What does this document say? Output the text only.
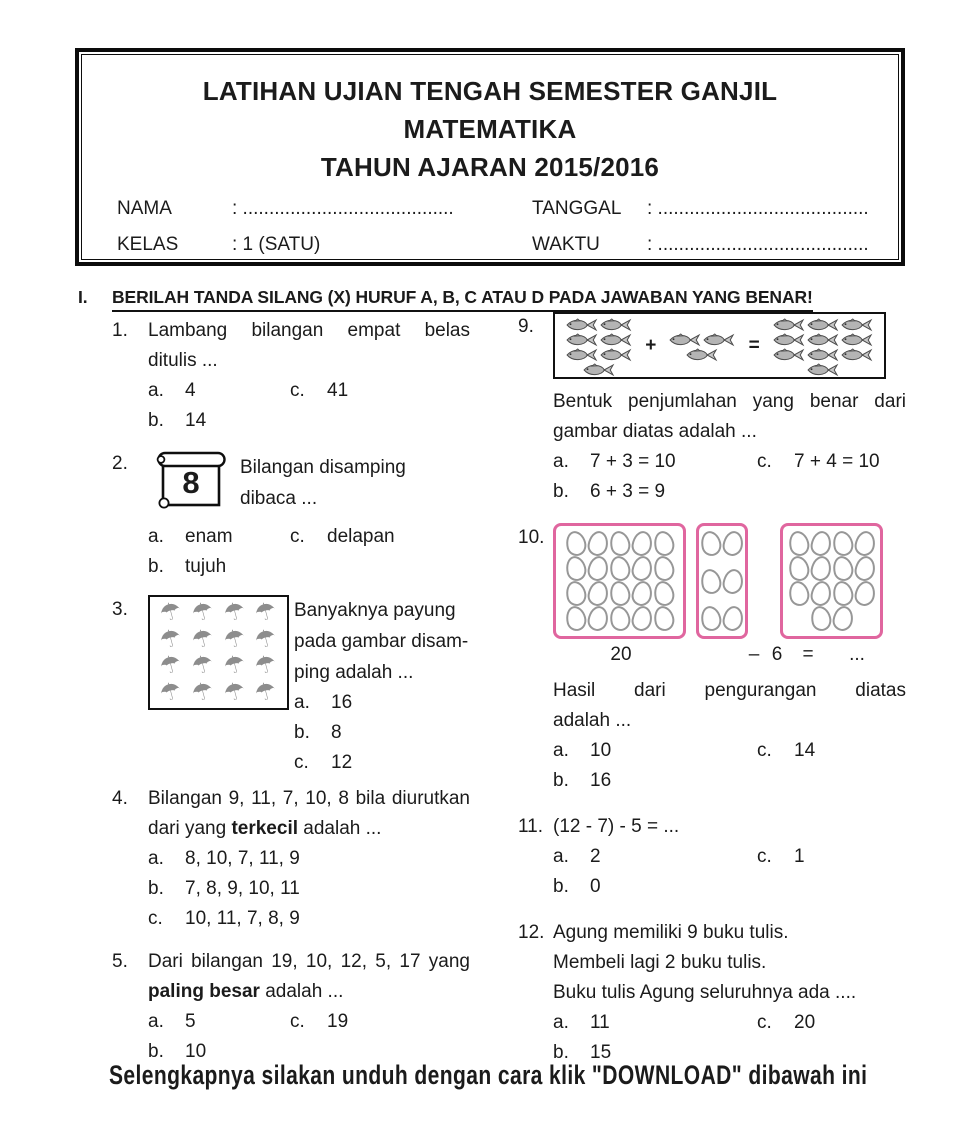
LATIHAN UJIAN TENGAH SEMESTER GANJIL
MATEMATIKA
TAHUN AJARAN 2015/2016
NAMA	: ........................................	TANGGAL : ........................................
KELAS	: 1 (SATU)	WAKTU : ........................................
I.	BERILAH TANDA SILANG (X) HURUF A, B, C ATAU D PADA JAWABAN YANG BENAR!
1.	Lambang bilangan empat belas
ditulis ...
a.	4	c.	41
b.	14
2.
8	Bilangan disamping
dibaca ...
a.	enam	c.	delapan
b.	tujuh
3.	☂ ☂ ☂ ☂
☂ ☂ ☂ ☂
☂ ☂ ☂ ☂
☂ ☂ ☂ ☂
Banyaknya payung
pada gambar disam-
ping adalah ...
a.	16
b.	8
c.	12
4.	Bilangan 9, 11, 7, 10, 8 bila diurutkan
dari yang terkecil adalah ...
a.	8, 10, 7, 11, 9
b.	7, 8, 9, 10, 11
c.	10, 11, 7, 8, 9
5.	Dari bilangan 19, 10, 12, 5, 17 yang
paling besar adalah ...
a.	5	c.	19
b.	10
9.
+	=
Bentuk penjumlahan yang benar dari
gambar diatas adalah ...
a.	7 + 3 = 10	c.	7 + 4 = 10
b.	6 + 3 = 9
10.
20	– 6 = ...
Hasil dari pengurangan diatas
adalah ...
a.	10	c.	14
b.	16
11. (12 - 7) - 5 = ...
a.	2	c.	1
b.	0
12. Agung memiliki 9 buku tulis.
Membeli lagi 2 buku tulis.
Buku tulis Agung seluruhnya ada ....
a.	11	c.	20
b.	15
Selengkapnya silakan unduh dengan cara klik "DOWNLOAD" dibawah ini
